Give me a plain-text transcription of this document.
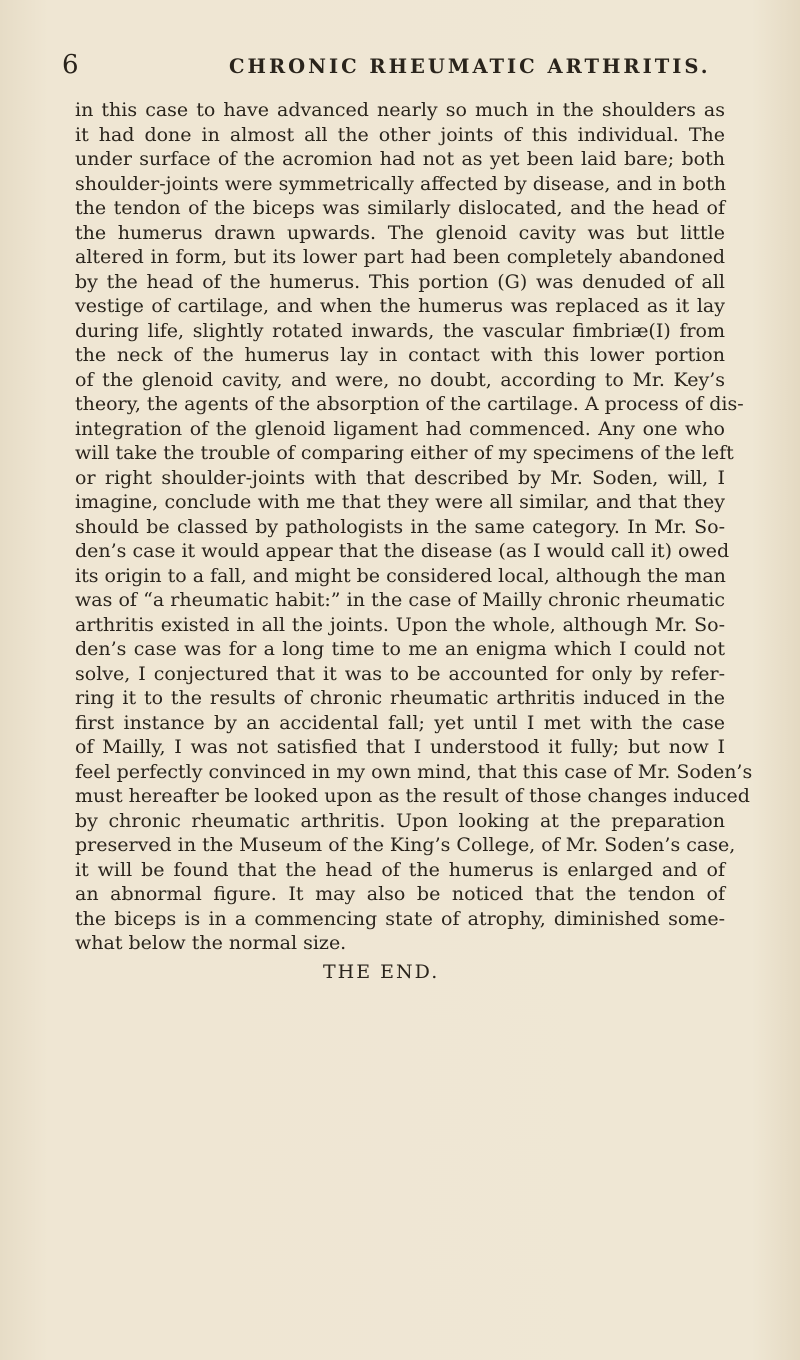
6	CHRONIC RHEUMATIC ARTHRITIS.
in this case to have advanced nearly so much in the shoulders as
it had done in almost all the other joints of this individual. The
under surface of the acromion had not as yet been laid bare; both
shoulder-joints were symmetrically affected by disease, and in both
the tendon of the biceps was similarly dislocated, and the head of
the humerus drawn upwards. The glenoid cavity was but little
altered in form, but its lower part had been completely abandoned
by the head of the humerus. This portion (G) was denuded of all
vestige of cartilage, and when the humerus was replaced as it lay
during life, slightly rotated inwards, the vascular fimbriæ(I) from
the neck of the humerus lay in contact with this lower portion
of the glenoid cavity, and were, no doubt, according to Mr. Key’s
theory, the agents of the absorption of the cartilage. A process of dis-
integration of the glenoid ligament had commenced. Any one who
will take the trouble of comparing either of my specimens of the left
or right shoulder-joints with that described by Mr. Soden, will, I
imagine, conclude with me that they were all similar, and that they
should be classed by pathologists in the same category. In Mr. So-
den’s case it would appear that the disease (as I would call it) owed
its origin to a fall, and might be considered local, although the man
was of “a rheumatic habit:” in the case of Mailly chronic rheumatic
arthritis existed in all the joints. Upon the whole, although Mr. So-
den’s case was for a long time to me an enigma which I could not
solve, I conjectured that it was to be accounted for only by refer-
ring it to the results of chronic rheumatic arthritis induced in the
first instance by an accidental fall; yet until I met with the case
of Mailly, I was not satisfied that I understood it fully; but now I
feel perfectly convinced in my own mind, that this case of Mr. Soden’s
must hereafter be looked upon as the result of those changes induced
by chronic rheumatic arthritis. Upon looking at the preparation
preserved in the Museum of the King’s College, of Mr. Soden’s case,
it will be found that the head of the humerus is enlarged and of
an abnormal figure. It may also be noticed that the tendon of
the biceps is in a commencing state of atrophy, diminished some-
what below the normal size.
THE END.
